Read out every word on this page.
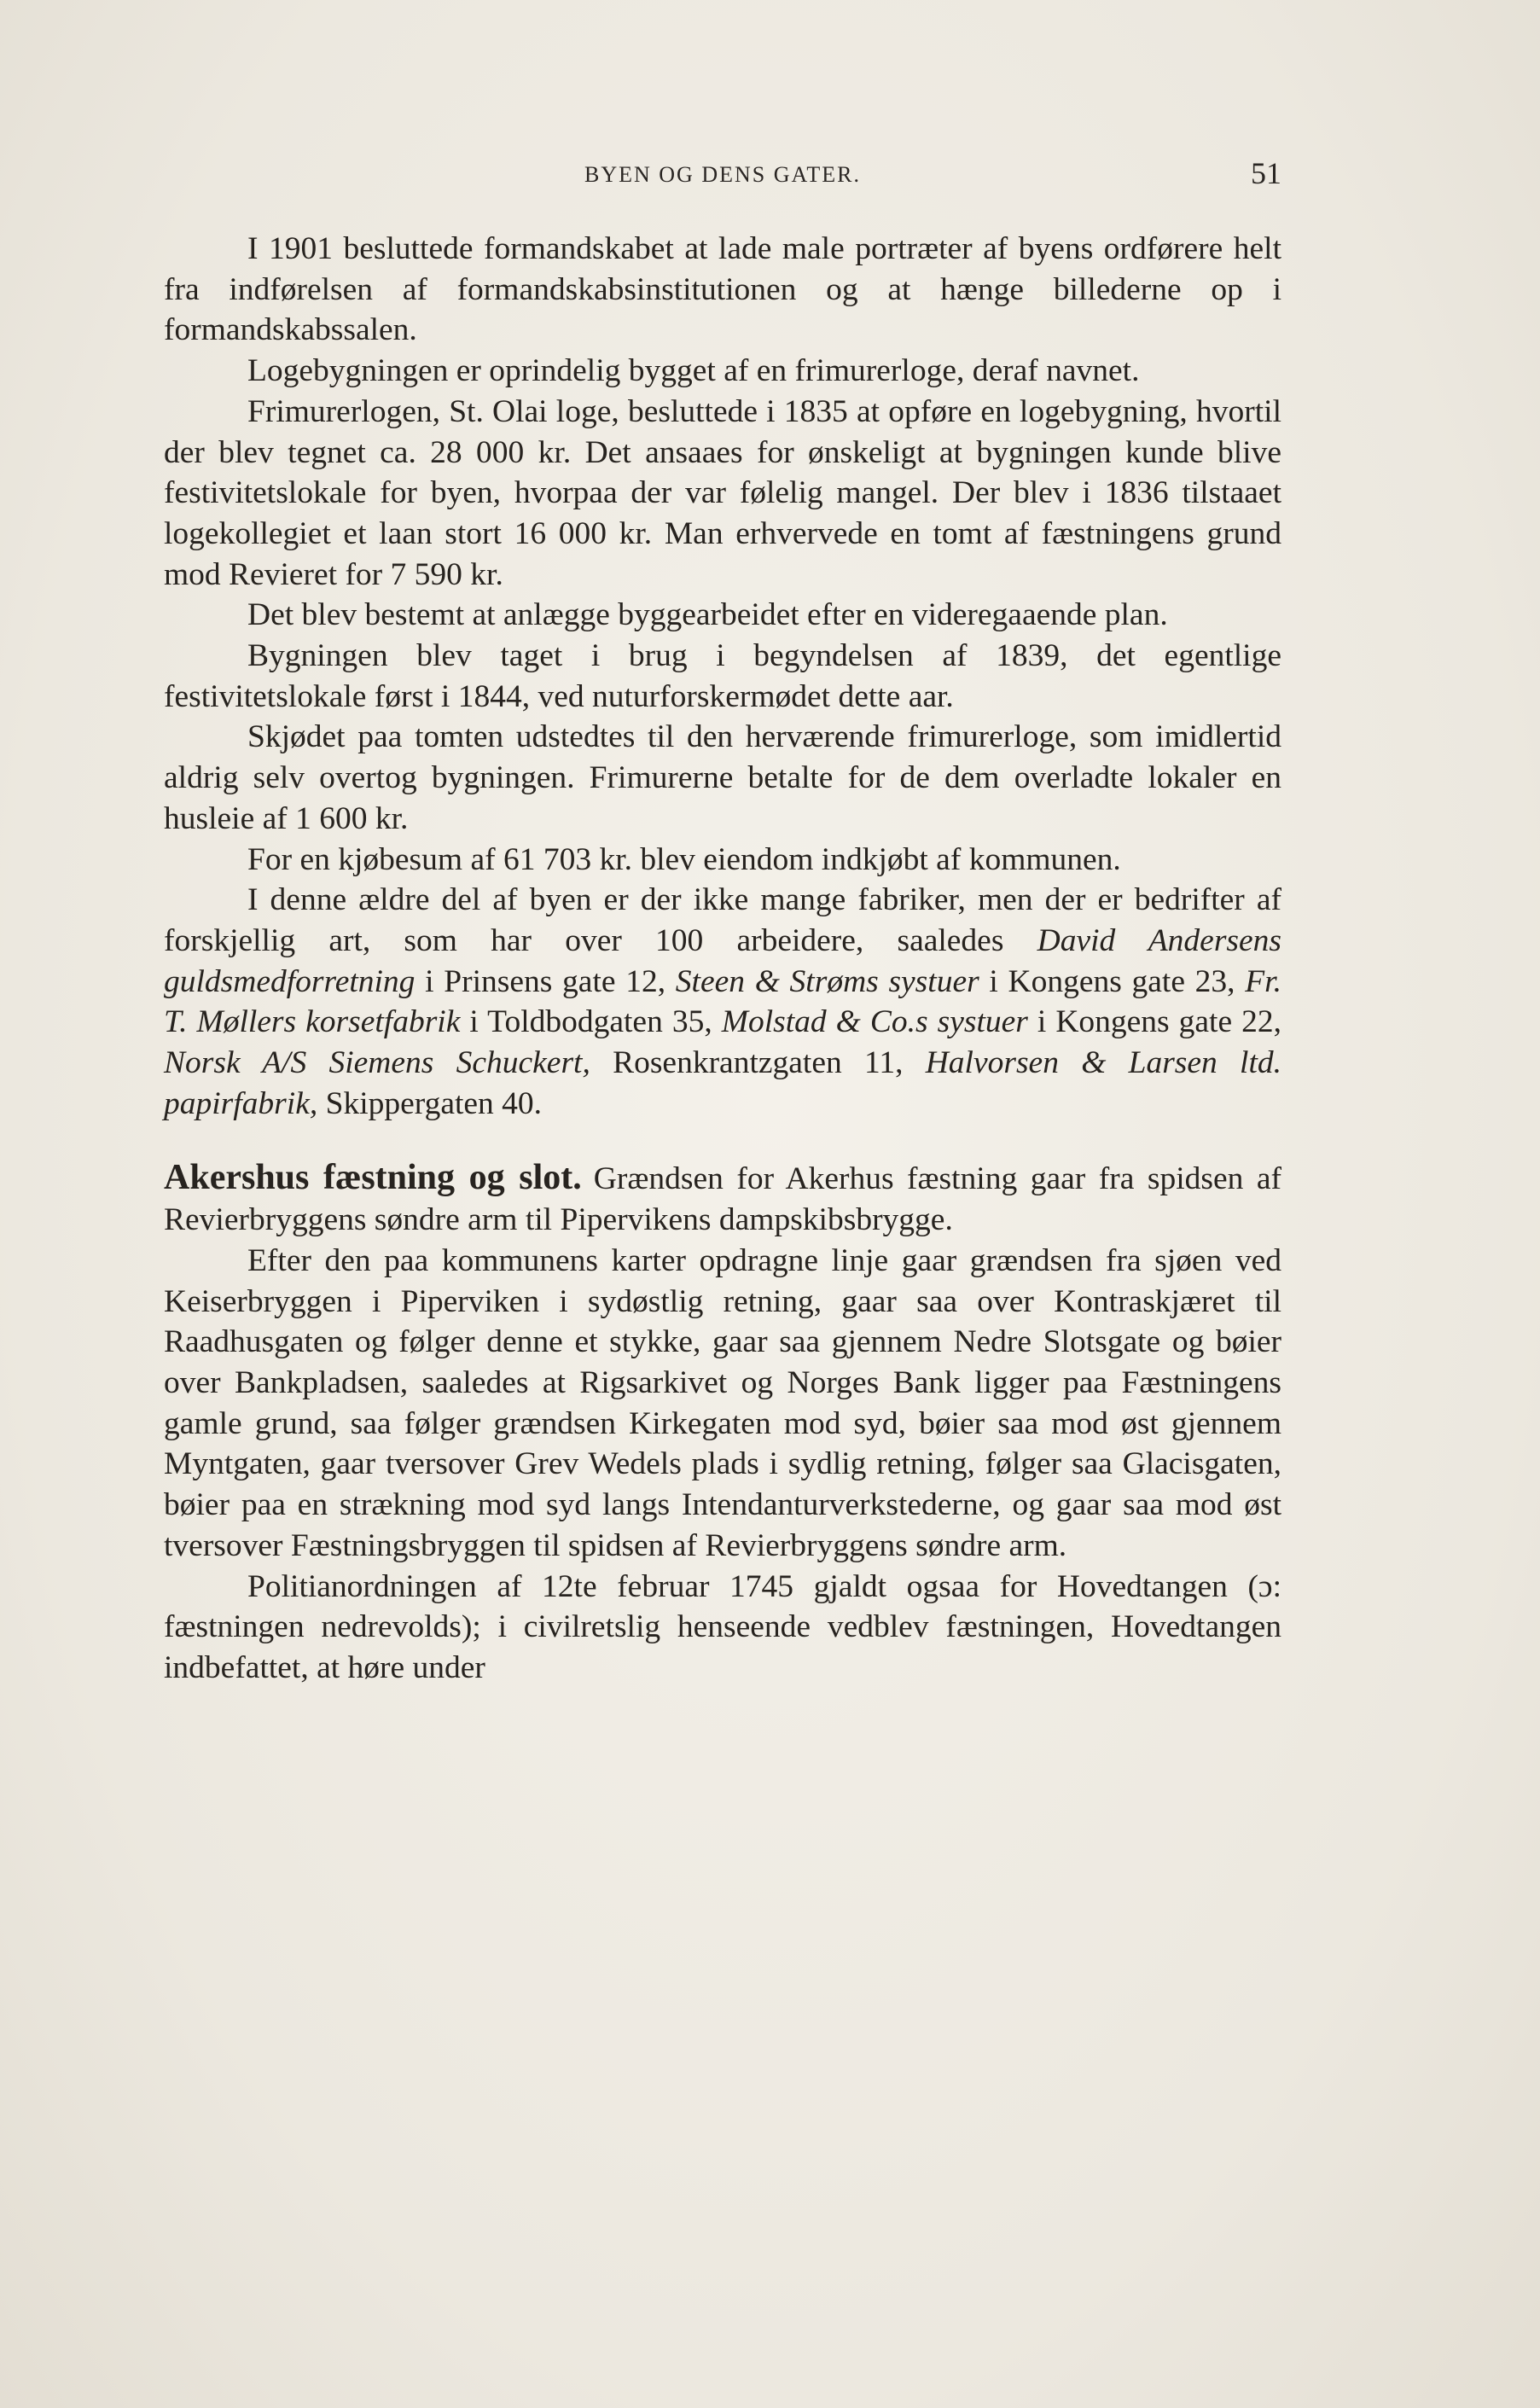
BYEN OG DENS GATER.	51

I 1901 besluttede formandskabet at lade male portræter af byens ordførere helt fra indførelsen af formandskabsinstitutionen og at hænge billederne op i formandskabssalen.

Logebygningen er oprindelig bygget af en frimurerloge, deraf navnet.

Frimurerlogen, St. Olai loge, besluttede i 1835 at opføre en logebygning, hvortil der blev tegnet ca. 28 000 kr. Det ansaaes for ønskeligt at bygningen kunde blive festivitetslokale for byen, hvorpaa der var følelig mangel. Der blev i 1836 tilstaaet logekollegiet et laan stort 16 000 kr. Man erhvervede en tomt af fæstningens grund mod Revieret for 7 590 kr.

Det blev bestemt at anlægge byggearbeidet efter en videregaaende plan.

Bygningen blev taget i brug i begyndelsen af 1839, det egentlige festivitetslokale først i 1844, ved nuturforskermødet dette aar.

Skjødet paa tomten udstedtes til den herværende frimurerloge, som imidlertid aldrig selv overtog bygningen. Frimurerne betalte for de dem overladte lokaler en husleie af 1 600 kr.

For en kjøbesum af 61 703 kr. blev eiendom indkjøbt af kommunen.

I denne ældre del af byen er der ikke mange fabriker, men der er bedrifter af forskjellig art, som har over 100 arbeidere, saaledes David Andersens guldsmedforretning i Prinsens gate 12, Steen & Strøms systuer i Kongens gate 23, Fr. T. Møllers korsetfabrik i Toldbodgaten 35, Molstad & Co.s systuer i Kongens gate 22, Norsk A/S Siemens Schuckert, Rosenkrantzgaten 11, Halvorsen & Larsen ltd. papirfabrik, Skippergaten 40.

Akershus fæstning og slot. Grændsen for Akerhus fæstning gaar fra spidsen af Revierbryggens søndre arm til Pipervikens dampskibsbrygge.

Efter den paa kommunens karter opdragne linje gaar grændsen fra sjøen ved Keiserbryggen i Piperviken i sydøstlig retning, gaar saa over Kontraskjæret til Raadhusgaten og følger denne et stykke, gaar saa gjennem Nedre Slotsgate og bøier over Bankpladsen, saaledes at Rigsarkivet og Norges Bank ligger paa Fæstningens gamle grund, saa følger grændsen Kirkegaten mod syd, bøier saa mod øst gjennem Myntgaten, gaar tversover Grev Wedels plads i sydlig retning, følger saa Glacisgaten, bøier paa en strækning mod syd langs Intendanturverkstederne, og gaar saa mod øst tversover Fæstningsbryggen til spidsen af Revierbryggens søndre arm.

Politianordningen af 12te februar 1745 gjaldt ogsaa for Hovedtangen (ɔ: fæstningen nedrevolds); i civilretslig henseende vedblev fæstningen, Hovedtangen indbefattet, at høre under
